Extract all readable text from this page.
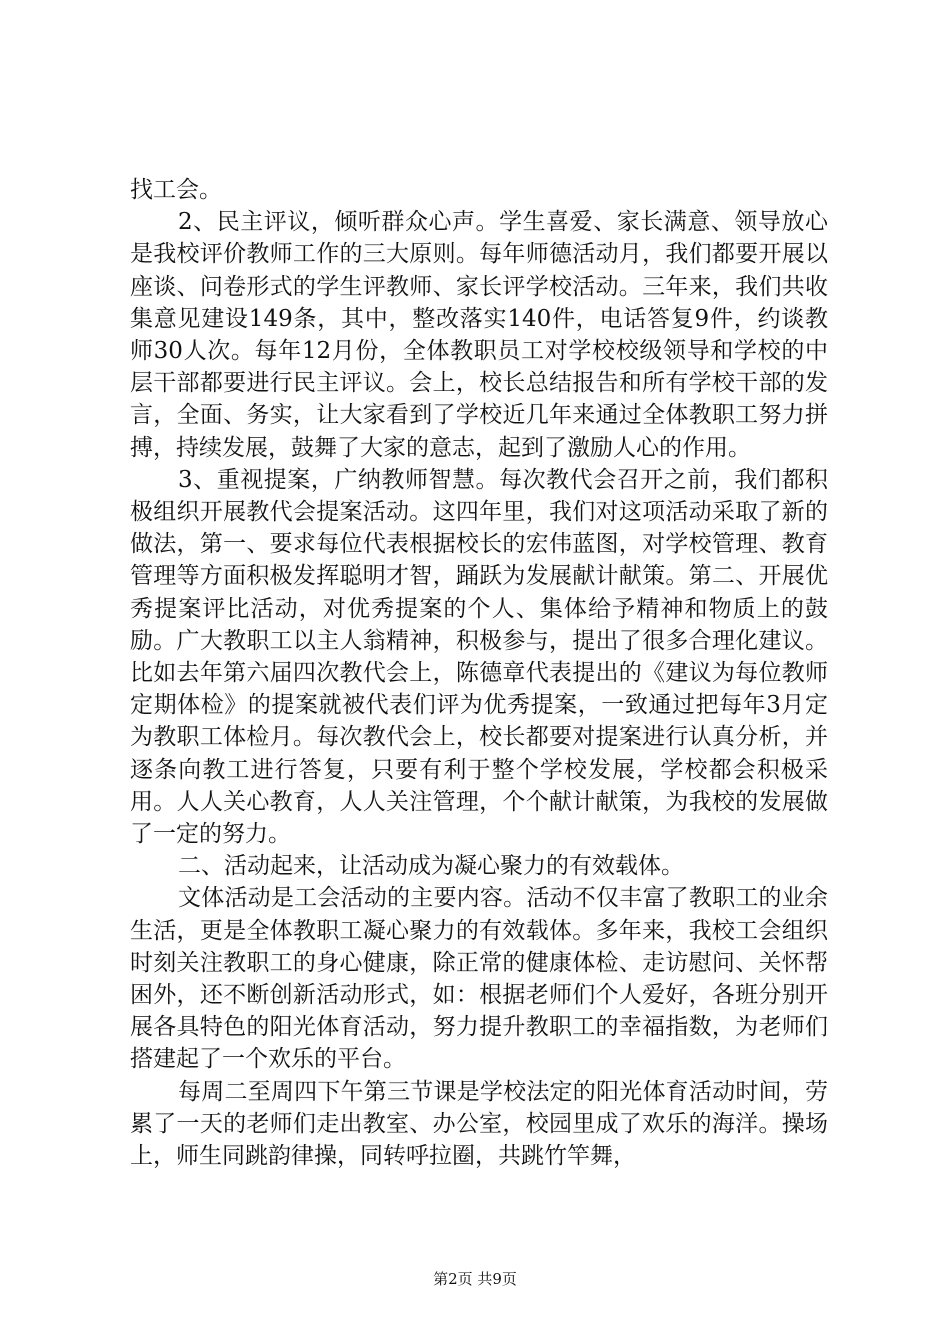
找工会。

2、民主评议，倾听群众心声。学生喜爱、家长满意、领导放心是我校评价教师工作的三大原则。每年师德活动月，我们都要开展以座谈、问卷形式的学生评教师、家长评学校活动。三年来，我们共收集意见建设149条，其中，整改落实140件，电话答复9件，约谈教师30人次。每年12月份，全体教职员工对学校校级领导和学校的中层干部都要进行民主评议。会上，校长总结报告和所有学校干部的发言，全面、务实，让大家看到了学校近几年来通过全体教职工努力拼搏，持续发展，鼓舞了大家的意志，起到了激励人心的作用。

3、重视提案，广纳教师智慧。每次教代会召开之前，我们都积极组织开展教代会提案活动。这四年里，我们对这项活动采取了新的做法，第一、要求每位代表根据校长的宏伟蓝图，对学校管理、教育管理等方面积极发挥聪明才智，踊跃为发展献计献策。第二、开展优秀提案评比活动，对优秀提案的个人、集体给予精神和物质上的鼓励。广大教职工以主人翁精神，积极参与，提出了很多合理化建议。比如去年第六届四次教代会上，陈德章代表提出的《建议为每位教师定期体检》的提案就被代表们评为优秀提案，一致通过把每年3月定为教职工体检月。每次教代会上，校长都要对提案进行认真分析，并逐条向教工进行答复，只要有利于整个学校发展，学校都会积极采用。人人关心教育，人人关注管理，个个献计献策，为我校的发展做了一定的努力。

二、活动起来，让活动成为凝心聚力的有效载体。

文体活动是工会活动的主要内容。活动不仅丰富了教职工的业余生活，更是全体教职工凝心聚力的有效载体。多年来，我校工会组织时刻关注教职工的身心健康，除正常的健康体检、走访慰问、关怀帮困外，还不断创新活动形式，如：根据老师们个人爱好，各班分别开展各具特色的阳光体育活动，努力提升教职工的幸福指数，为老师们搭建起了一个欢乐的平台。

每周二至周四下午第三节课是学校法定的阳光体育活动时间，劳累了一天的老师们走出教室、办公室，校园里成了欢乐的海洋。操场上，师生同跳韵律操，同转呼拉圈，共跳竹竿舞，

第2页 共9页
